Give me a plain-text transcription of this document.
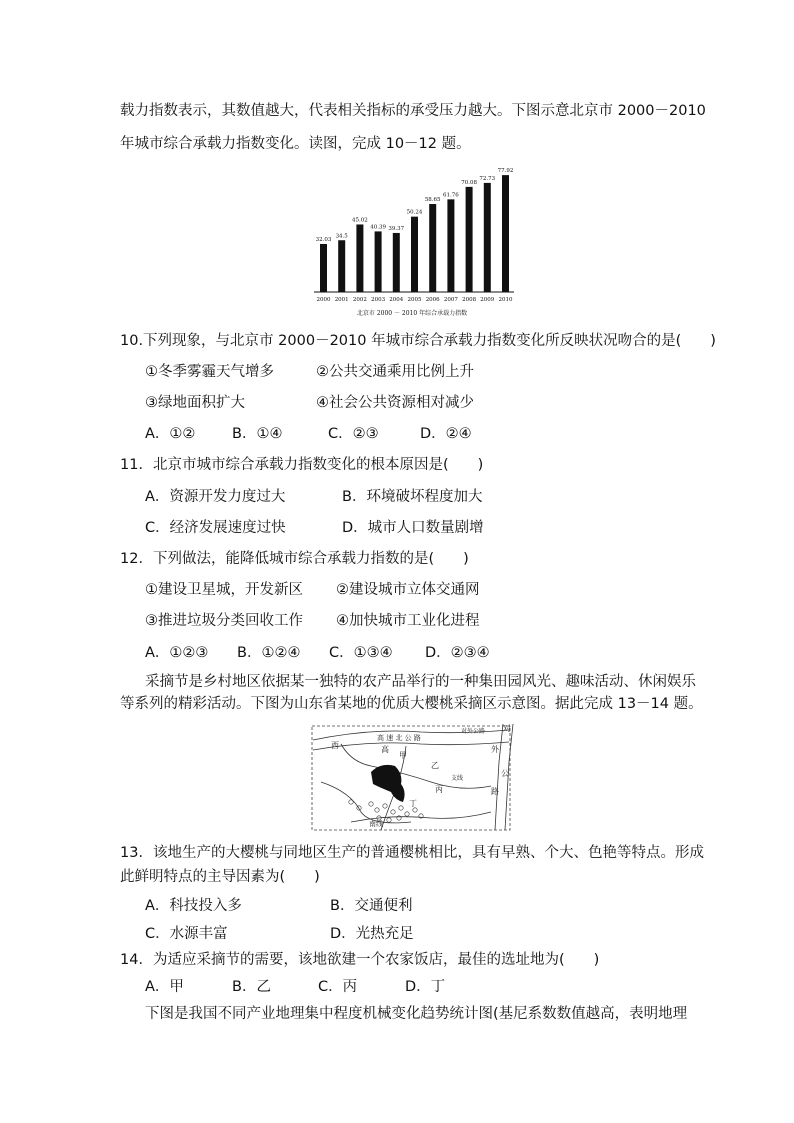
载力指数表示，其数值越大，代表相关指标的承受压力越大。下图示意北京市 2000－2010
年城市综合承载力指数变化。读图，完成 10－12 题。
32.03
34.5
45.02
40.39 39.37
50.24
58.65
61.76
70.08
72.73
77.92
2000 2001 2002 2003 2004 2005 2006 2007 2008 2009 2010
北京市 2000 － 2010 年综合承载力指数
10.下列现象，与北京市 2000－2010 年城市综合承载力指数变化所反映状况吻合的是(　　)
①冬季雾霾天气增多	②公共交通乘用比例上升
③绿地面积扩大	④社会公共资源相对减少
A．①②	B．①④	C．②③	D．②④
11．北京市城市综合承载力指数变化的根本原因是(　　)
A．资源开发力度过大	B．环境破坏程度加大
C．经济发展速度过快	D．城市人口数量剧增
12．下列做法，能降低城市综合承载力指数的是(　　)
①建设卫星城，开发新区 ②建设城市立体交通网
③推进垃圾分类回收工作 ④加快城市工业化进程
A．①②③ B．①②④ C．①③④ D．②③④
采摘节是乡村地区依据某一独特的农产品举行的一种集田园风光、趣味活动、休闲娱乐
等系列的精彩活动。下图为山东省某地的优质大樱桃采摘区示意图。据此完成 13－14 题。
高 速 北 公 路
对外公路
外
对
公
路
支线
南线
西	高
甲
乙
丙
丁
13．该地生产的大樱桃与同地区生产的普通樱桃相比，具有早熟、个大、色艳等特点。形成
此鲜明特点的主导因素为(　　)
A．科技投入多	B．交通便利
C．水源丰富	D．光热充足
14．为适应采摘节的需要，该地欲建一个农家饭店，最佳的选址地为(　　)
A．甲	B．乙	C．丙	D．丁
下图是我国不同产业地理集中程度机械变化趋势统计图(基尼系数数值越高，表明地理
